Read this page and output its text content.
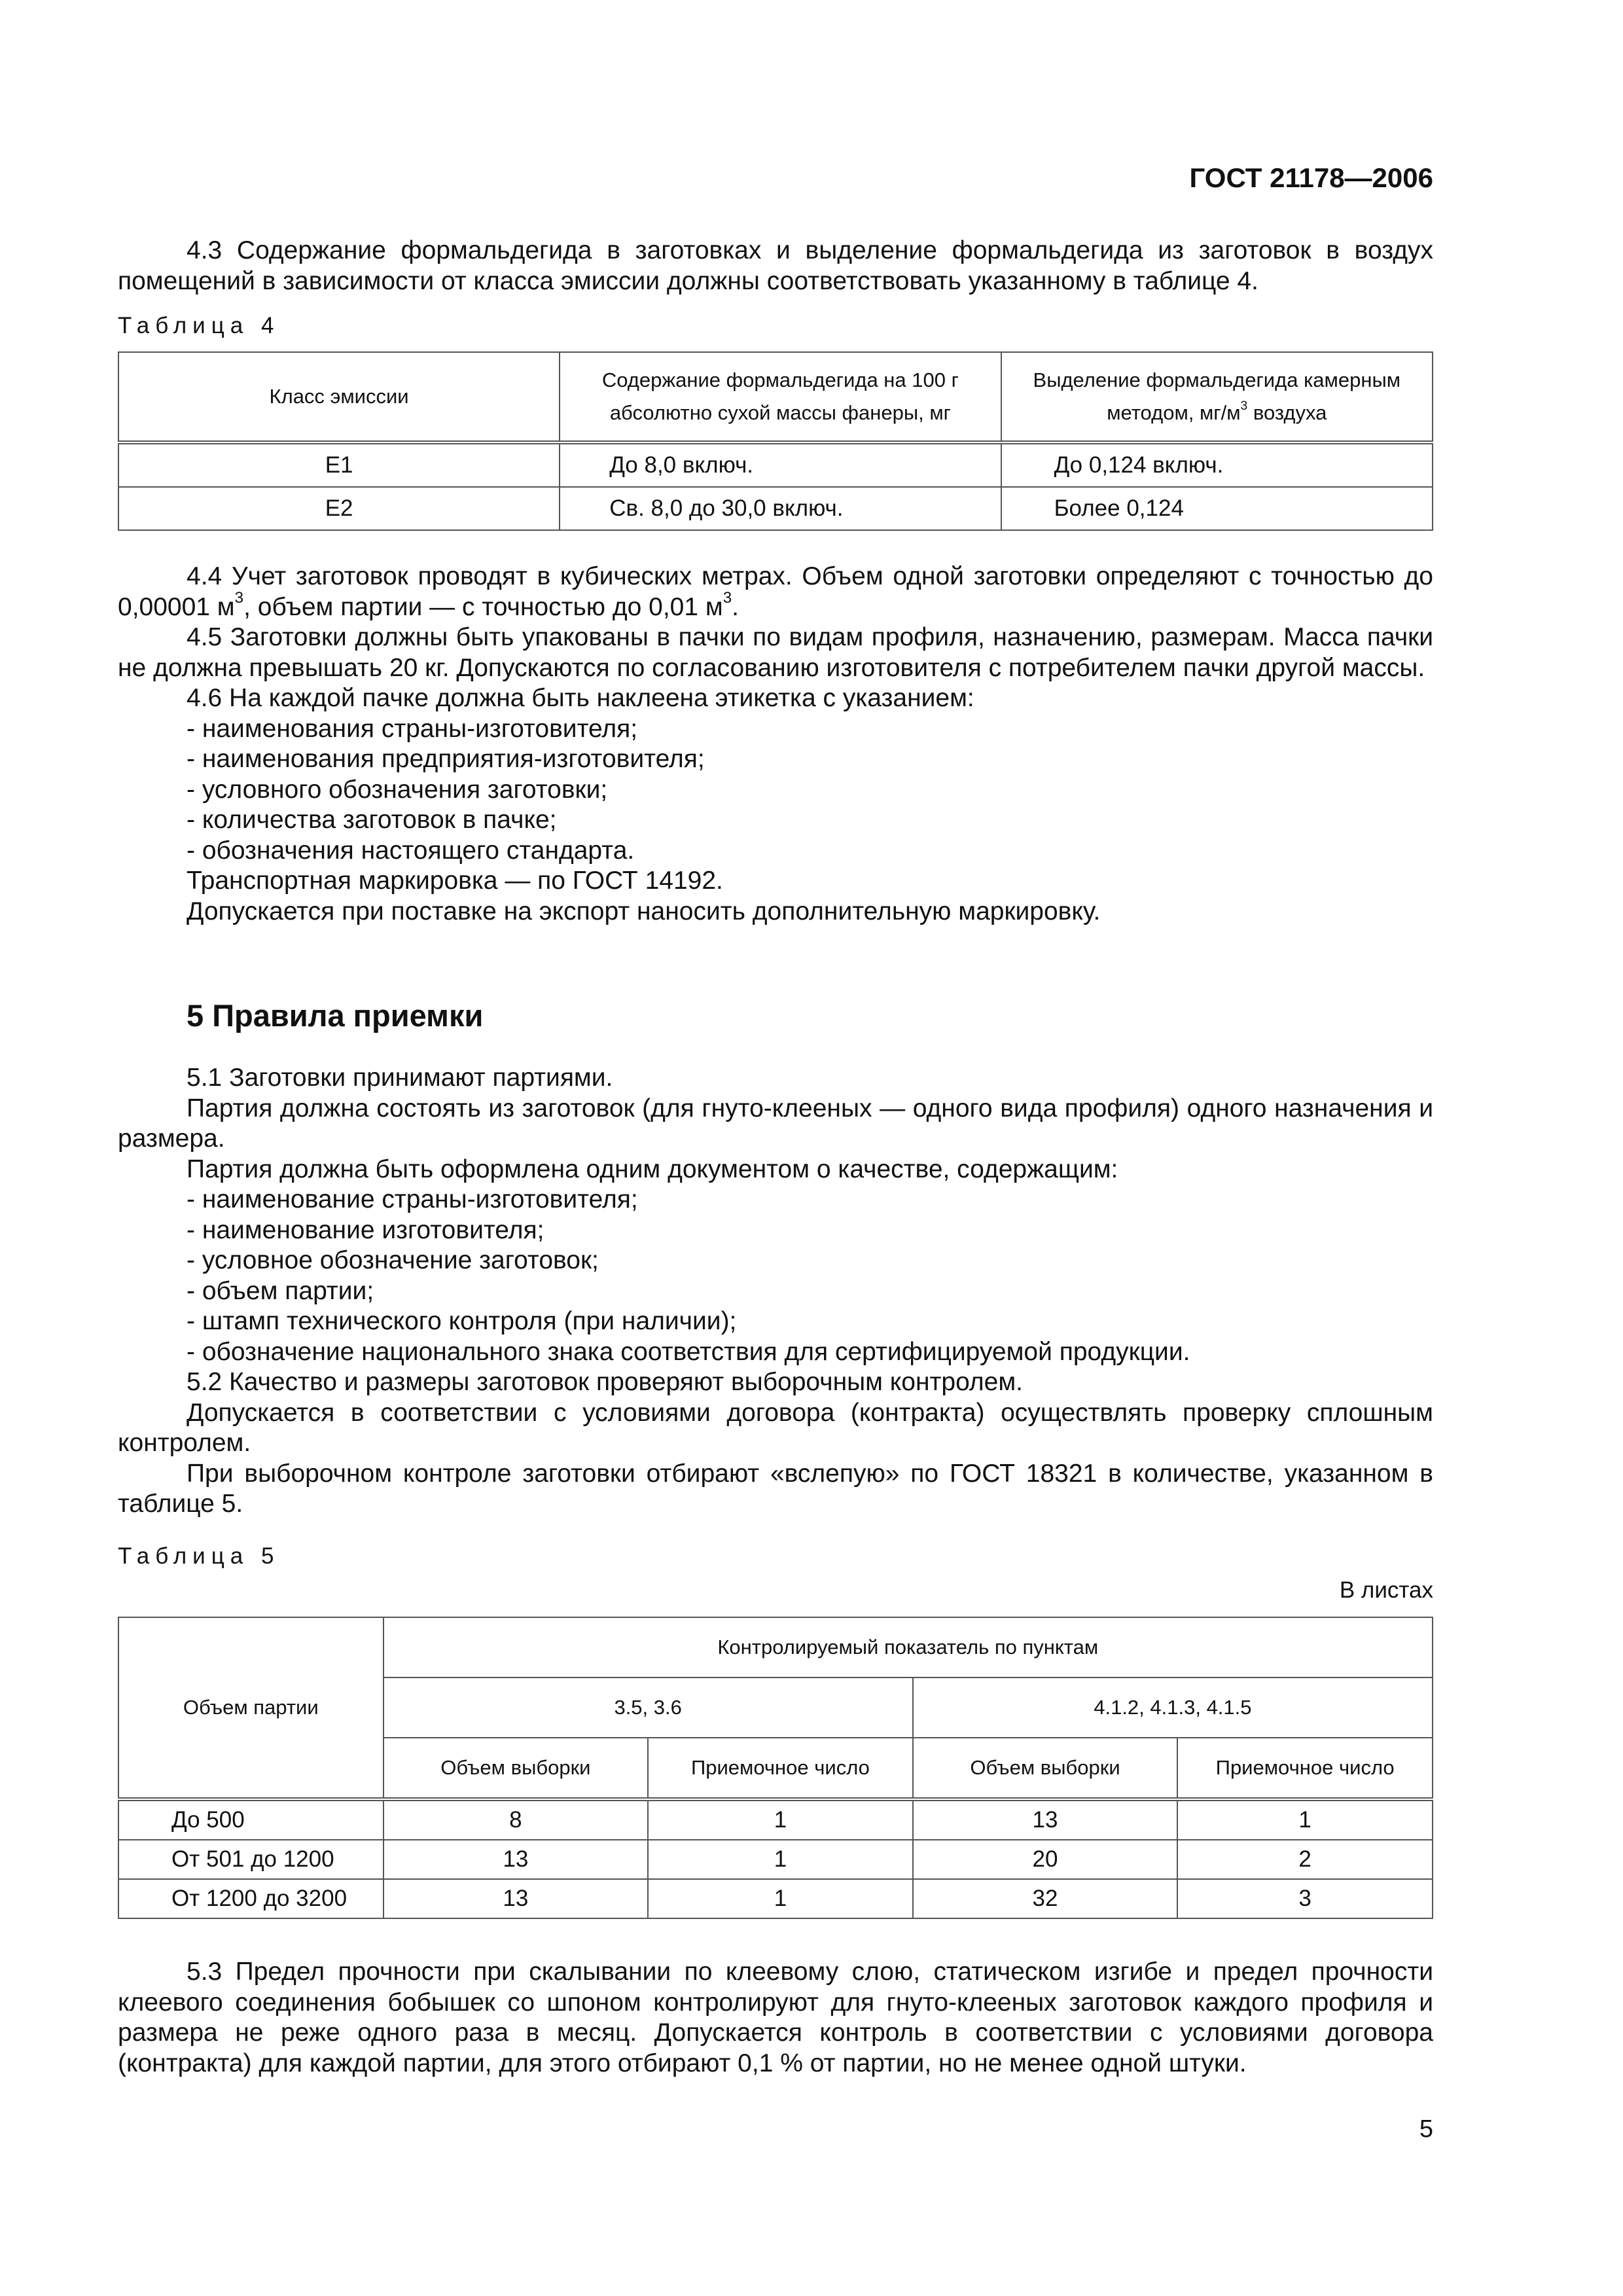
ГОСТ 21178—2006

4.3 Содержание формальдегида в заготовках и выделение формальдегида из заготовок в воздух помещений в зависимости от класса эмиссии должны соответствовать указанному в таблице 4.

Таблица 4
Класс эмиссии	Содержание формальдегида на 100 г абсолютно сухой массы фанеры, мг	Выделение формальдегида камерным методом, $мг/м^3$ воздуха
Е1	До 8,0 включ.	До 0,124 включ.
Е2	Св. 8,0 до 30,0 включ.	Более 0,124

4.4 Учет заготовок проводят в кубических метрах. Объем одной заготовки определяют с точностью до 0,00001 $м^3$, объем партии — с точностью до 0,01 $м^3$.

4.5 Заготовки должны быть упакованы в пачки по видам профиля, назначению, размерам. Масса пачки не должна превышать 20 кг. Допускаются по согласованию изготовителя с потребителем пачки другой массы.

4.6 На каждой пачке должна быть наклеена этикетка с указанием:

- наименования страны-изготовителя;

- наименования предприятия-изготовителя;

- условного обозначения заготовки;

- количества заготовок в пачке;

- обозначения настоящего стандарта.

Транспортная маркировка — по ГОСТ 14192.

Допускается при поставке на экспорт наносить дополнительную маркировку.

5 Правила приемки

5.1 Заготовки принимают партиями.

Партия должна состоять из заготовок (для гнуто-клееных — одного вида профиля) одного назначения и размера.

Партия должна быть оформлена одним документом о качестве, содержащим:

- наименование страны-изготовителя;

- наименование изготовителя;

- условное обозначение заготовок;

- объем партии;

- штамп технического контроля (при наличии);

- обозначение национального знака соответствия для сертифицируемой продукции.

5.2 Качество и размеры заготовок проверяют выборочным контролем.

Допускается в соответствии с условиями договора (контракта) осуществлять проверку сплошным контролем.

При выборочном контроле заготовки отбирают «вслепую» по ГОСТ 18321 в количестве, указанном в таблице 5.

Таблица 5
В листах
Объем партии	Контролируемый показатель по пунктам			
	3.5, 3.6		4.1.2, 4.1.3, 4.1.5	
	Объем выборки	Приемочное число	Объем выборки	Приемочное число
До 500	8	1	13	1
От 501 до 1200	13	1	20	2
От 1200 до 3200	13	1	32	3

5.3 Предел прочности при скалывании по клеевому слою, статическом изгибе и предел прочности клеевого соединения бобышек со шпоном контролируют для гнуто-клееных заготовок каждого профиля и размера не реже одного раза в месяц. Допускается контроль в соответствии с условиями договора (контракта) для каждой партии, для этого отбирают 0,1 % от партии, но не менее одной штуки.

5
